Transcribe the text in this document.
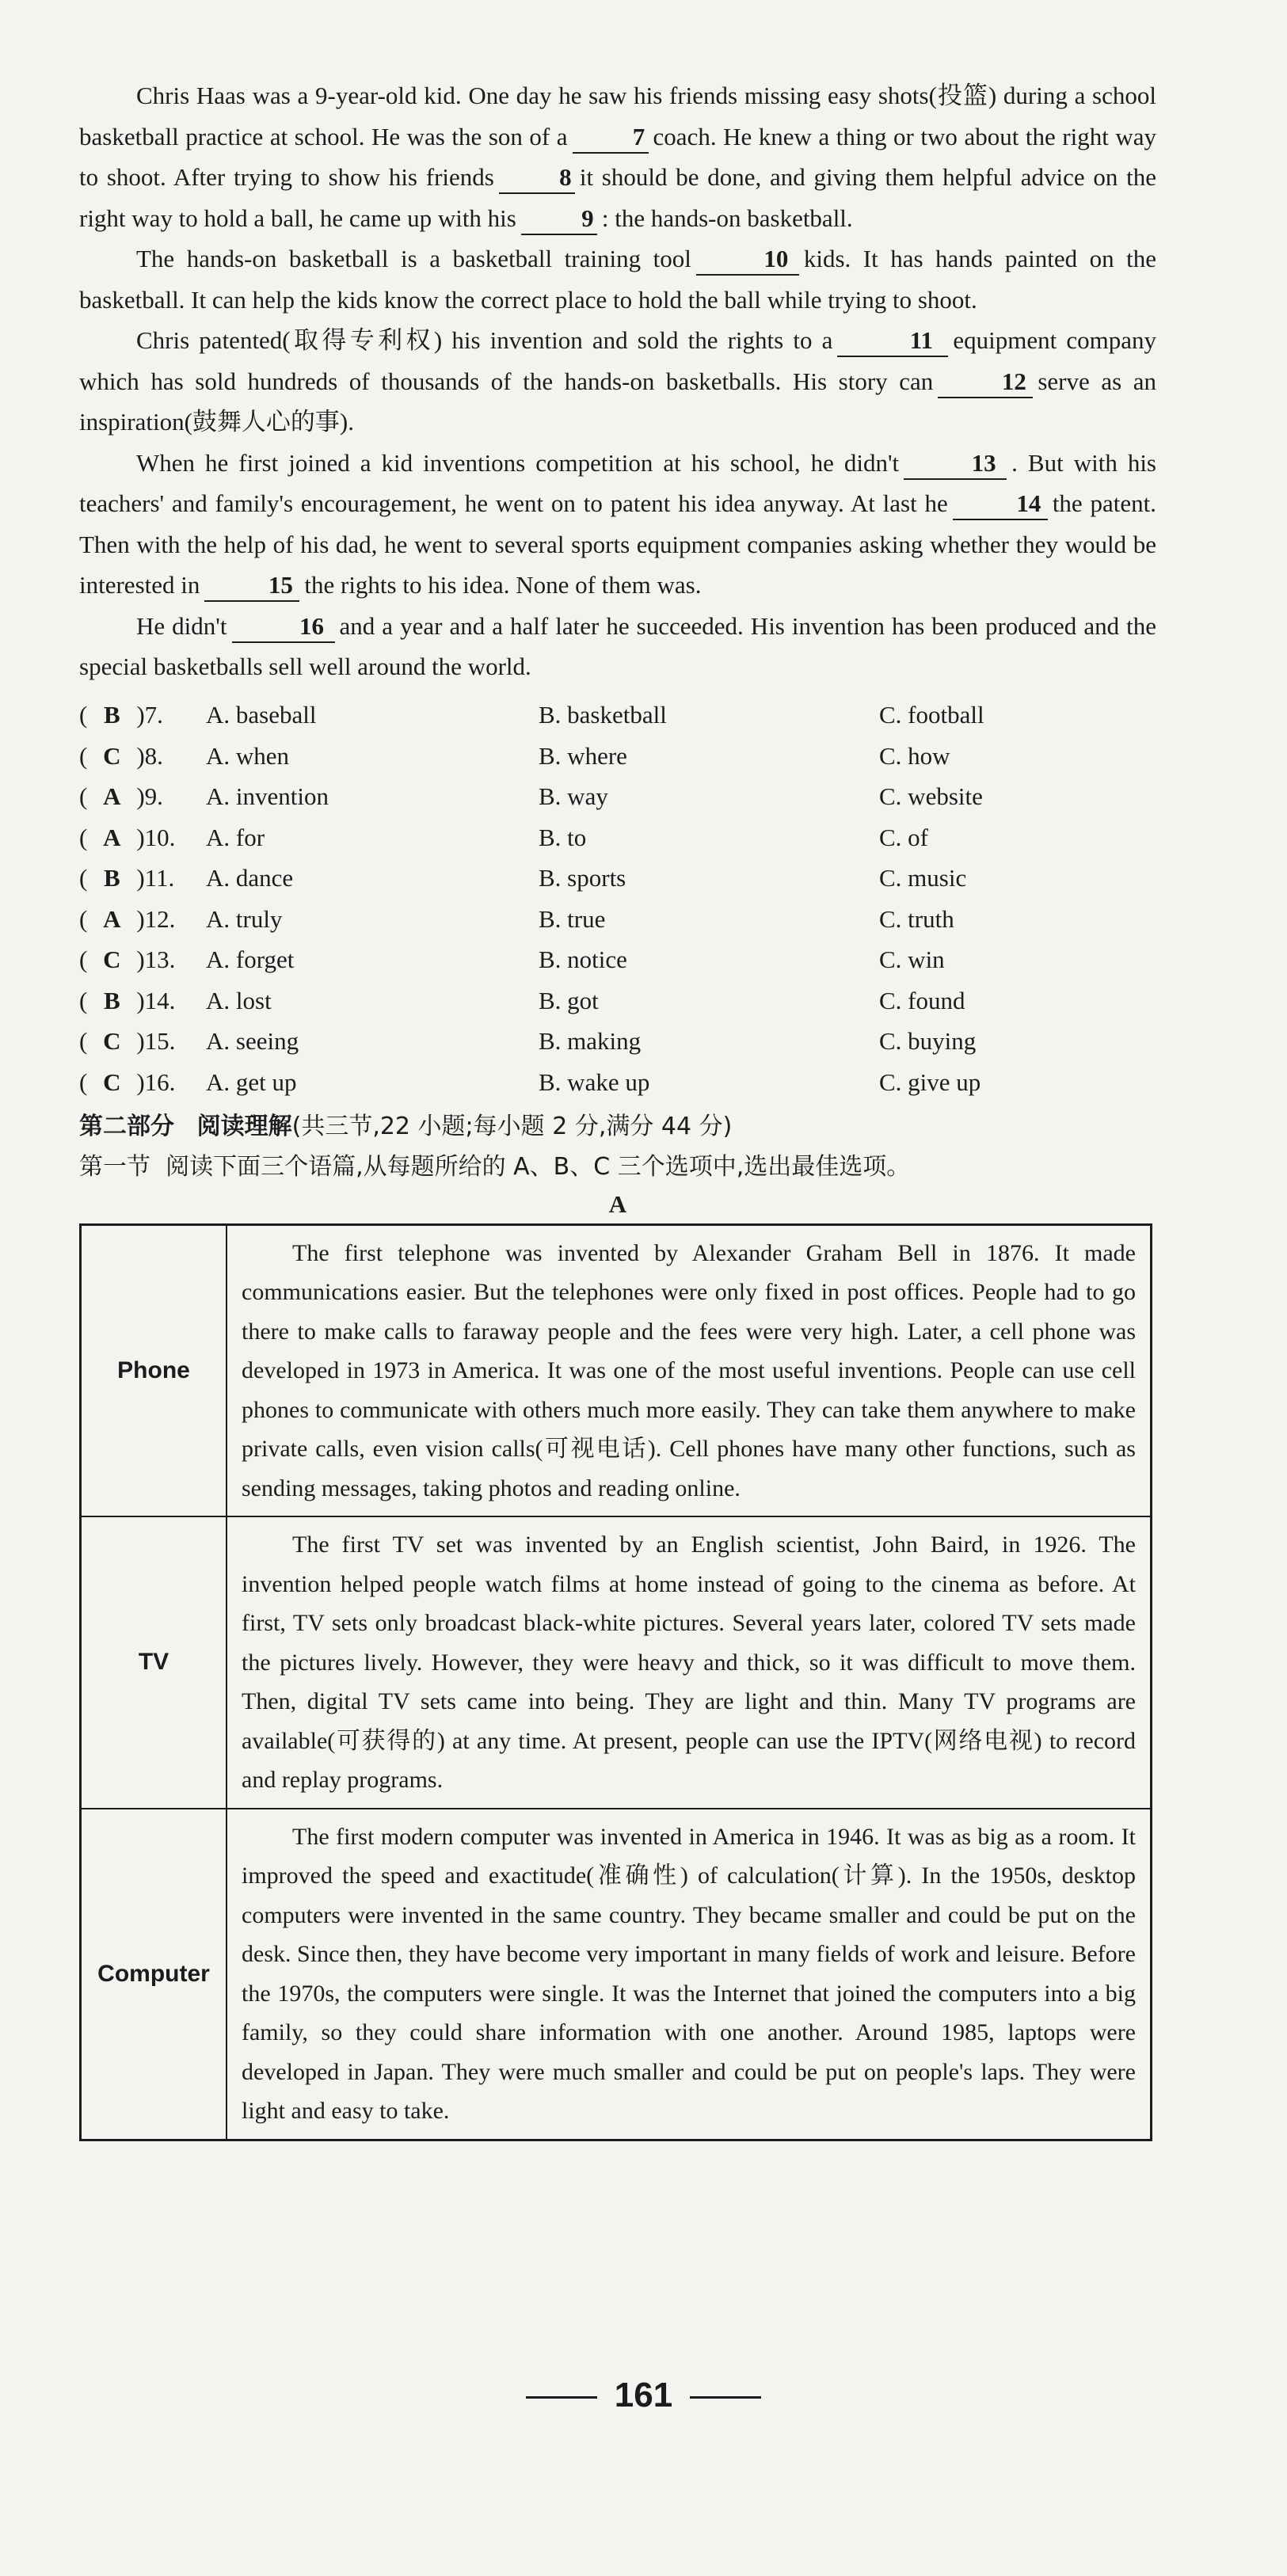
Chris Haas was a 9-year-old kid. One day he saw his friends missing easy shots(投篮) during a school basketball practice at school. He was the son of a	7 coach. He knew a thing or two about the right way to shoot. After trying to show his friends	8 it should be done, and giving them helpful advice on the right way to hold a ball, he came up with his	9 : the hands-on basketball.

The hands-on basketball is a basketball training tool	10 kids. It has hands painted on the basketball. It can help the kids know the correct place to hold the ball while trying to shoot.

Chris patented(取得专利权) his invention and sold the rights to a	11 equipment company which has sold hundreds of thousands of the hands-on basketballs. His story can	12 serve as an inspiration(鼓舞人心的事).

When he first joined a kid inventions competition at his school, he didn't	13 . But with his teachers' and family's encouragement, he went on to patent his idea anyway. At last he	14 the patent. Then with the help of his dad, he went to several sports equipment companies asking whether they would be interested in	15 the rights to his idea. None of them was.

He didn't	16 and a year and a half later he succeeded. His invention has been produced and the special basketballs sell well around the world.

( B )7.	A. baseball	B. basketball	C. football
( C )8.	A. when	B. where	C. how
( A )9.	A. invention	B. way	C. website
( A )10.	A. for	B. to	C. of
( B )11.	A. dance	B. sports	C. music
( A )12.	A. truly	B. true	C. truth
( C )13.	A. forget	B. notice	C. win
( B )14.	A. lost	B. got	C. found
( C )15.	A. seeing	B. making	C. buying
( C )16.	A. get up	B. wake up	C. give up

第二部分 阅读理解(共三节,22 小题;每小题 2 分,满分 44 分)

第一节 阅读下面三个语篇,从每题所给的 A、B、C 三个选项中,选出最佳选项。

A
Phone	The first telephone was invented by Alexander Graham Bell in 1876. It made communications easier. But the telephones were only fixed in post offices. People had to go there to make calls to faraway people and the fees were very high. Later, a cell phone was developed in 1973 in America. It was one of the most useful inventions. People can use cell phones to communicate with others much more easily. They can take them anywhere to make private calls, even vision calls(可视电话). Cell phones have many other functions, such as sending messages, taking photos and reading online.

TV	The first TV set was invented by an English scientist, John Baird, in 1926. The invention helped people watch films at home instead of going to the cinema as before. At first, TV sets only broadcast black-white pictures. Several years later, colored TV sets made the pictures lively. However, they were heavy and thick, so it was difficult to move them. Then, digital TV sets came into being. They are light and thin. Many TV programs are available(可获得的) at any time. At present, people can use the IPTV(网络电视) to record and replay programs.

Computer	The first modern computer was invented in America in 1946. It was as big as a room. It improved the speed and exactitude(准确性) of calculation(计算). In the 1950s, desktop computers were invented in the same country. They became smaller and could be put on the desk. Since then, they have become very important in many fields of work and leisure. Before the 1970s, the computers were single. It was the Internet that joined the computers into a big family, so they could share information with one another. Around 1985, laptops were developed in Japan. They were much smaller and could be put on people's laps. They were light and easy to take.

161
